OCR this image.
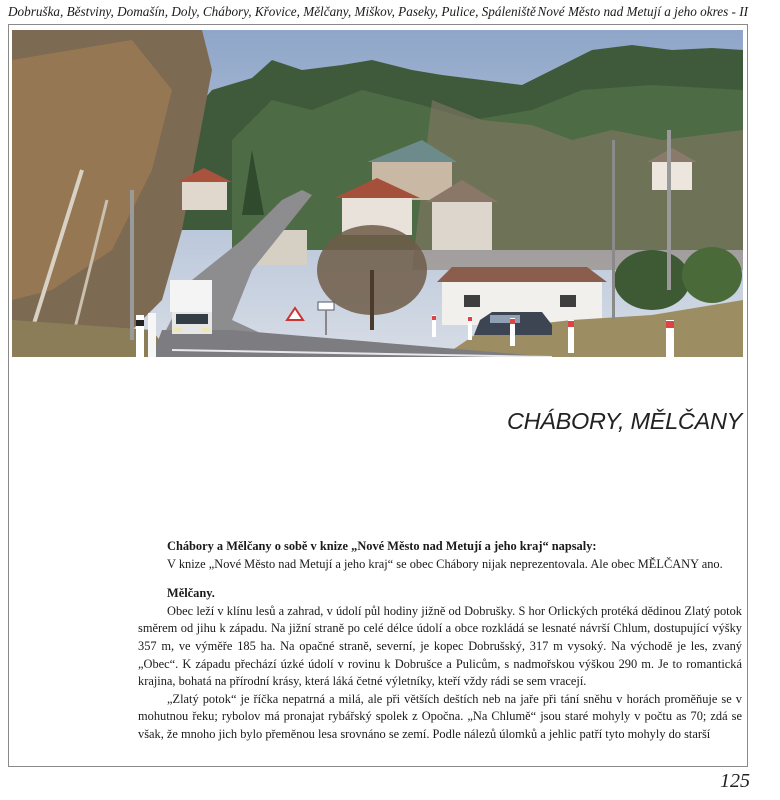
Dobruška, Běstviny, Domašín, Doly, Chábory, Křovice, Mělčany, Miškov, Paseky, Pulice, Spáleniště Nové Město nad Metují a jeho okres - II
CHÁBORY, MĚLČANY

Chábory a Mělčany o sobě v knize „Nové Město nad Metují a jeho kraj“ napsaly:

V knize „Nové Město nad Metují a jeho kraj“ se obec Chábory nijak neprezentovala. Ale obec MĚLČANY ano.

Mělčany.

Obec leží v klínu lesů a zahrad, v údolí půl hodiny jižně od Dobrušky. S hor Orlických protéká dědinou Zlatý potok směrem od jihu k západu. Na jižní straně po celé délce údolí a obce rozkládá se lesnaté návrší Chlum, dostupující výšky 357 m, ve výměře 185 ha. Na opačné straně, severní, je kopec Dobrušský, 317 m vysoký. Na východě je les, zvaný „Obec“. K západu přechází úzké údolí v rovinu k Dobrušce a Pulicům, s nadmořskou výškou 290 m. Je to romantická krajina, bohatá na přírodní krásy, která láká četné výletníky, kteří vždy rádi se sem vracejí.

„Zlatý potok“ je říčka nepatrná a milá, ale při větších deštích neb na jaře při tání sněhu v horách proměňuje se v mohutnou řeku; rybolov má pronajat rybářský spolek z Opočna. „Na Chlumě“ jsou staré mohyly v počtu as 70; zdá se však, že mnoho jich bylo přeměnou lesa srovnáno se zemí. Podle nálezů úlomků a jehlic patří tyto mohyly do starší

125
